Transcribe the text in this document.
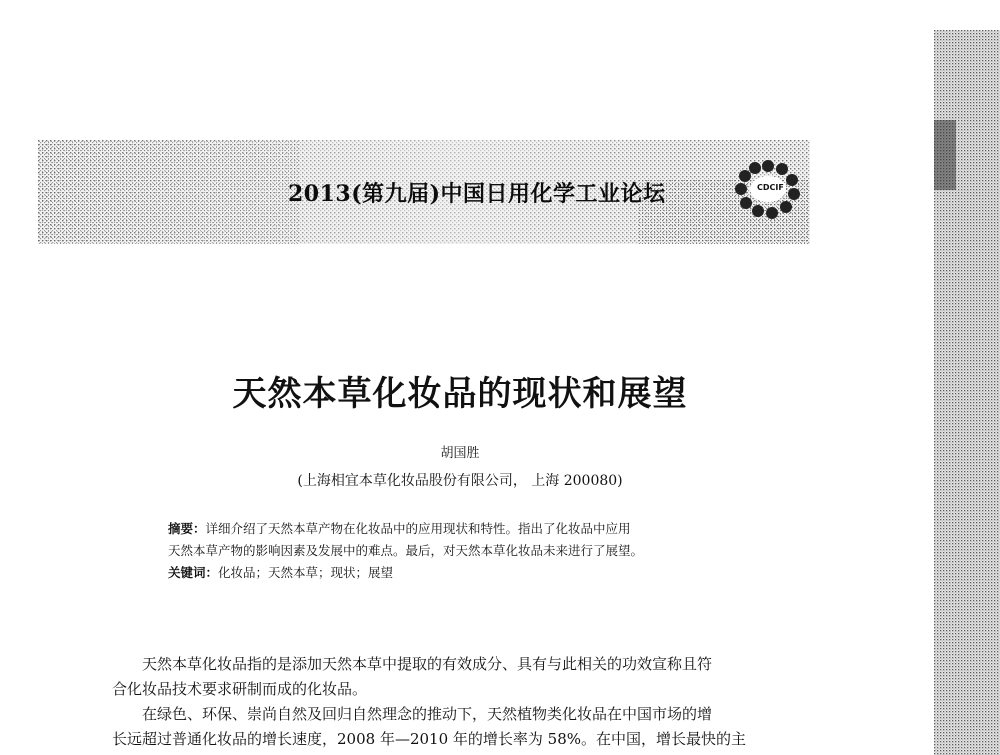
2013(第九届)中国日用化学工业论坛	CDCIF
天然本草化妆品的现状和展望
胡国胜
(上海相宜本草化妆品股份有限公司， 上海 200080)
摘要：详细介绍了天然本草产物在化妆品中的应用现状和特性。指出了化妆品中应用
天然本草产物的影响因素及发展中的难点。最后，对天然本草化妆品未来进行了展望。
关键词：化妆品；天然本草；现状；展望
天然本草化妆品指的是添加天然本草中提取的有效成分、具有与此相关的功效宣称且符
合化妆品技术要求研制而成的化妆品。
在绿色、环保、崇尚自然及回归自然理念的推动下，天然植物类化妆品在中国市场的增
长远超过普通化妆品的增长速度，2008 年—2010 年的增长率为 58%。在中国，增长最快的主
